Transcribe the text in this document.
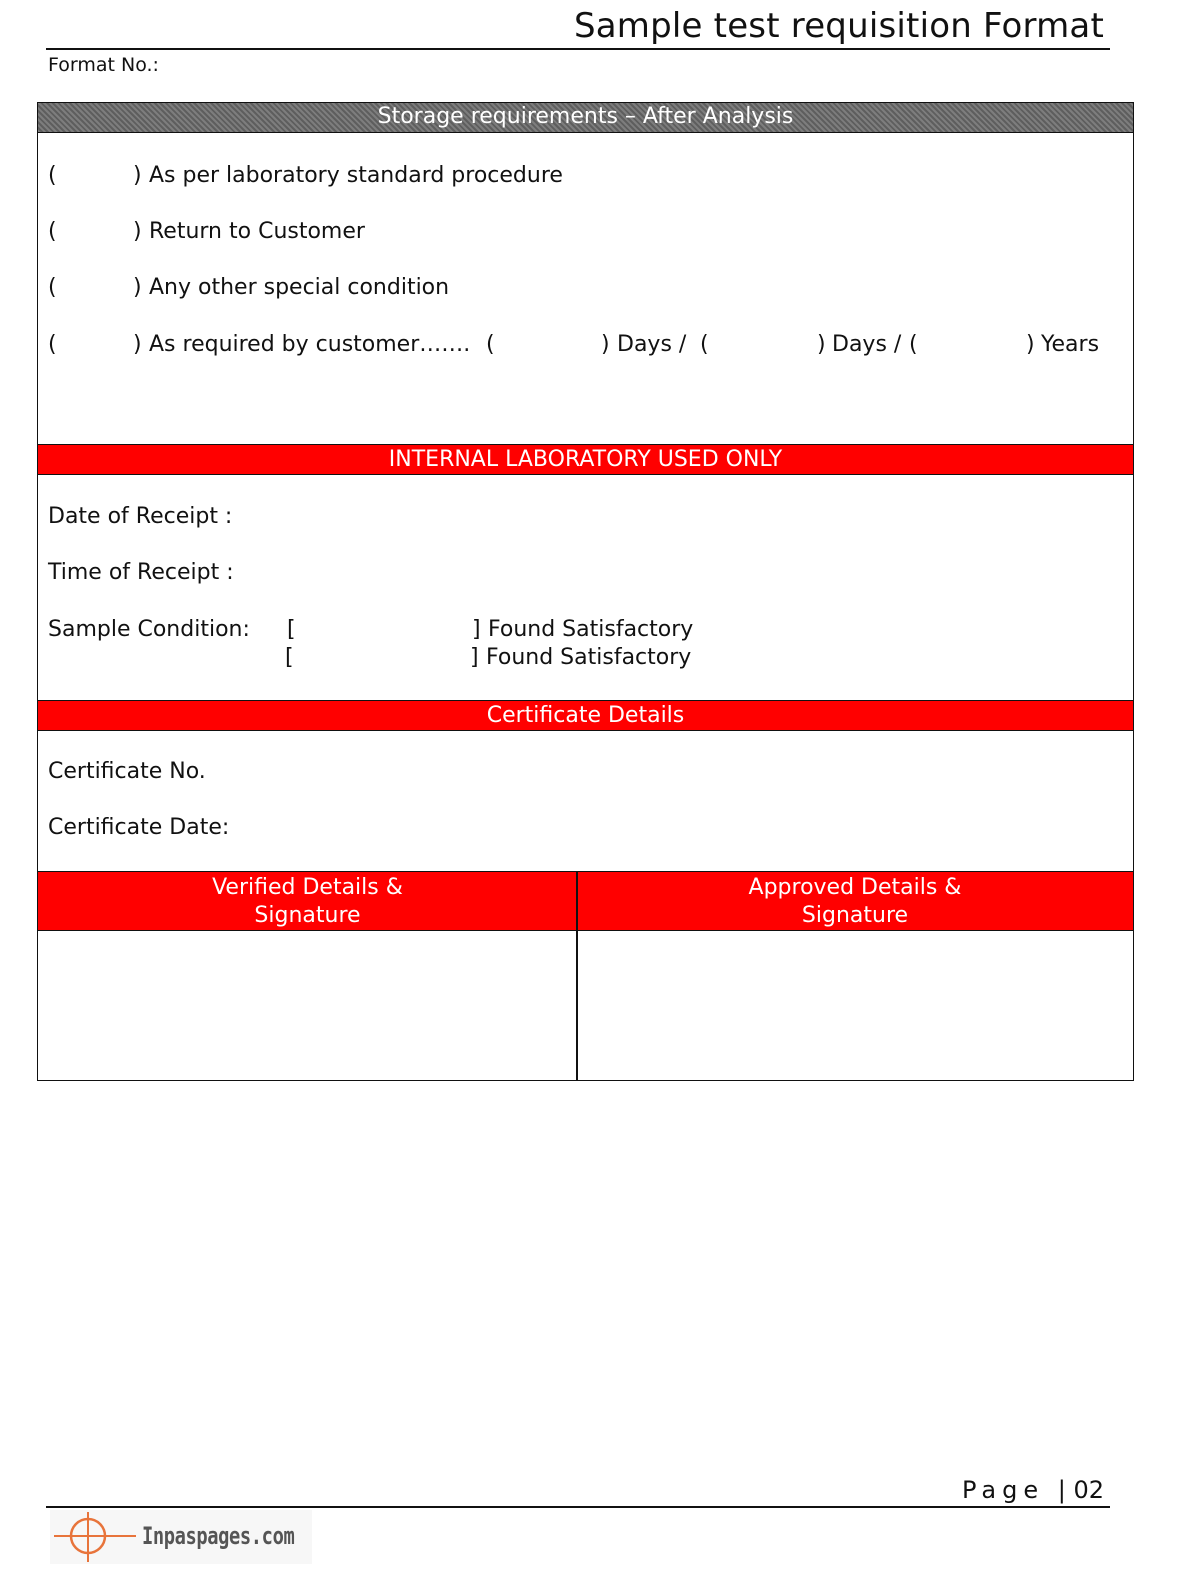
Sample test requisition Format
Format No.:
Storage requirements – After Analysis
(	) As per laboratory standard procedure
(	) Return to Customer
(	) Any other special condition
(	) As required by customer……. (	) Days / (	) Days / (	) Years
INTERNAL LABORATORY USED ONLY
Date of Receipt :
Time of Receipt :
Sample Condition: [	] Found Satisfactory
[	] Found Satisfactory
Certificate Details
Certificate No.
Certificate Date:
Verified Details &
Signature
Approved Details &
Signature
Page | 02
Inpaspages.com
